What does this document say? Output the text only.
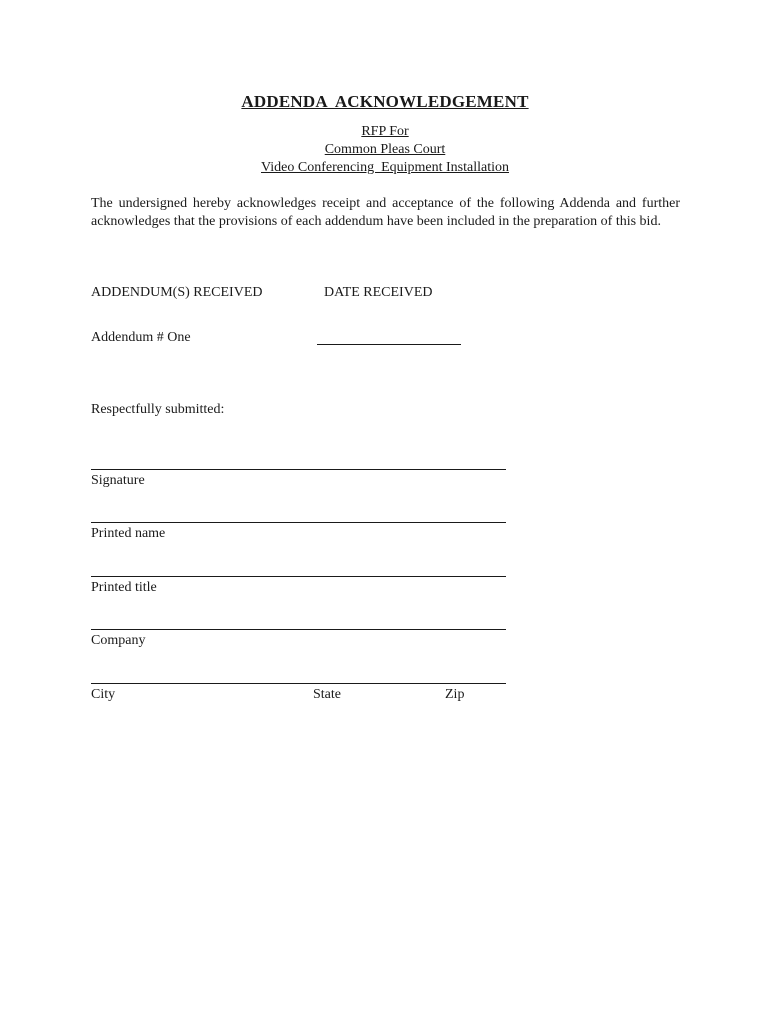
ADDENDA  ACKNOWLEDGEMENT
RFP For
Common Pleas Court
Video Conferencing  Equipment Installation
The undersigned hereby acknowledges receipt and acceptance of the following Addenda and further acknowledges that the provisions of each addendum have been included in the preparation of this bid.
ADDENDUM(S) RECEIVED	DATE RECEIVED
Addendum # One
Respectfully submitted:
Signature
Printed name
Printed title
Company
City	State	Zip
